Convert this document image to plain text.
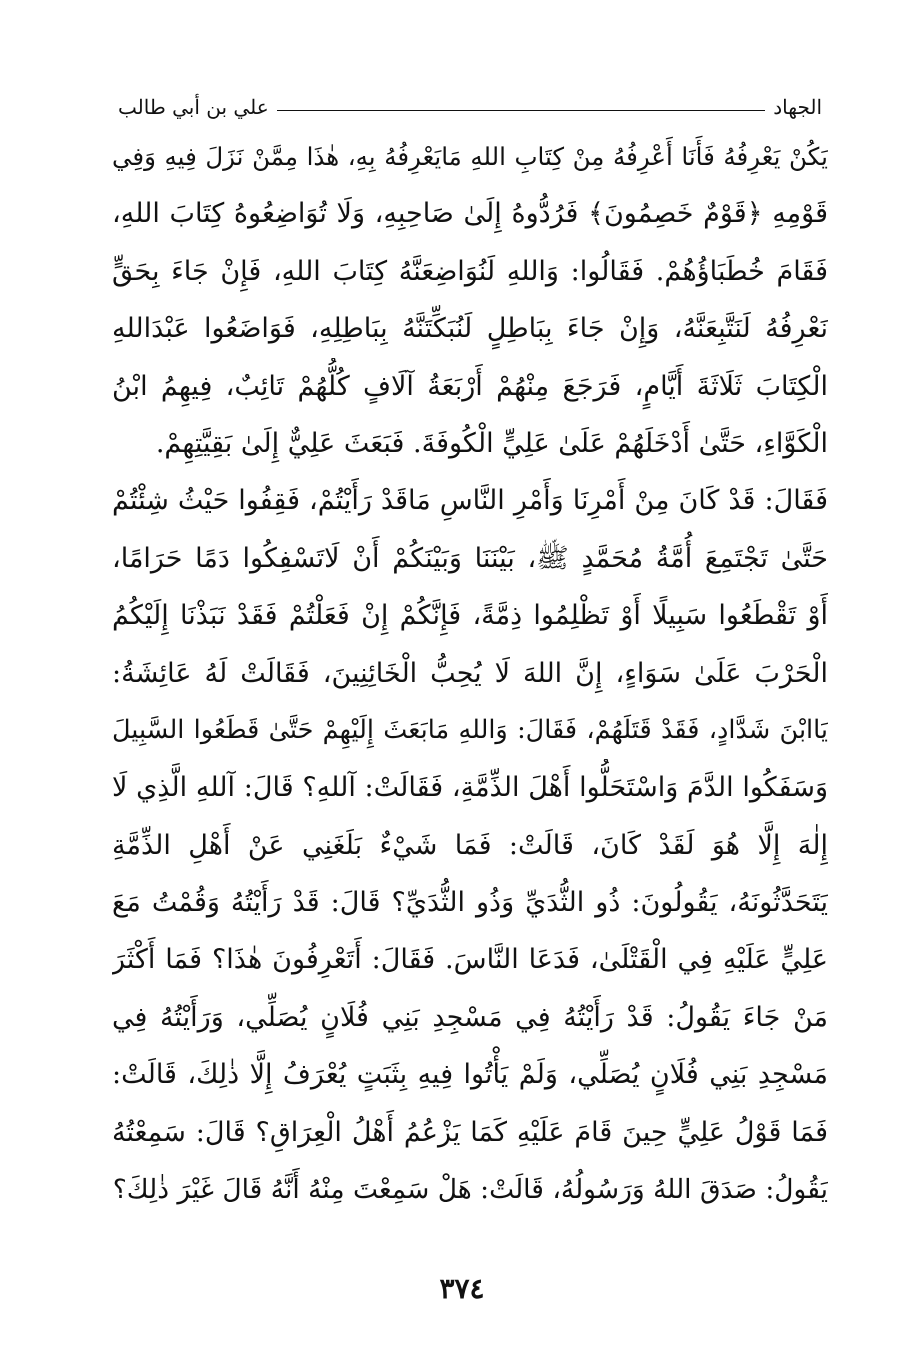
الجهاد
علي بن أبي طالب
يَكُنْ يَعْرِفُهُ فَأَنَا أَعْرِفُهُ مِنْ كِتَابِ اللهِ مَايَعْرِفُهُ بِهِ، هٰذَا مِمَّنْ نَزَلَ فِيهِ وَفِي
قَوْمِهِ ﴿قَوْمٌ خَصِمُونَ﴾ فَرُدُّوهُ إِلَىٰ صَاحِبِهِ، وَلَا تُوَاضِعُوهُ كِتَابَ اللهِ،
فَقَامَ خُطَبَاؤُهُمْ. فَقَالُوا: وَاللهِ لَنُوَاضِعَنَّهُ كِتَابَ اللهِ، فَإِنْ جَاءَ بِحَقٍّ
نَعْرِفُهُ لَنَتَّبِعَنَّهُ، وَإِنْ جَاءَ بِبَاطِلٍ لَنُبَكِّتَنَّهُ بِبَاطِلِهِ، فَوَاضَعُوا عَبْدَاللهِ
الْكِتَابَ ثَلَاثَةَ أَيَّامٍ، فَرَجَعَ مِنْهُمْ أَرْبَعَةُ آلَافٍ كُلُّهُمْ تَائِبٌ، فِيهِمُ ابْنُ
الْكَوَّاءِ، حَتَّىٰ أَدْخَلَهُمْ عَلَىٰ عَلِيٍّ الْكُوفَةَ. فَبَعَثَ عَلِيٌّ إِلَىٰ بَقِيَّتِهِمْ.
فَقَالَ: قَدْ كَانَ مِنْ أَمْرِنَا وَأَمْرِ النَّاسِ مَاقَدْ رَأَيْتُمْ، فَقِفُوا حَيْثُ شِئْتُمْ
حَتَّىٰ تَجْتَمِعَ أُمَّةُ مُحَمَّدٍ ﷺ، بَيْنَنَا وَبَيْنَكُمْ أَنْ لَاتَسْفِكُوا دَمًا حَرَامًا،
أَوْ تَقْطَعُوا سَبِيلًا أَوْ تَظْلِمُوا ذِمَّةً، فَإِنَّكُمْ إِنْ فَعَلْتُمْ فَقَدْ نَبَذْنَا إِلَيْكُمُ
الْحَرْبَ عَلَىٰ سَوَاءٍ، إِنَّ اللهَ لَا يُحِبُّ الْخَائِنِينَ، فَقَالَتْ لَهُ عَائِشَةُ:
يَاابْنَ شَدَّادٍ، فَقَدْ قَتَلَهُمْ، فَقَالَ: وَاللهِ مَابَعَثَ إِلَيْهِمْ حَتَّىٰ قَطَعُوا السَّبِيلَ
وَسَفَكُوا الدَّمَ وَاسْتَحَلُّوا أَهْلَ الذِّمَّةِ، فَقَالَتْ: آللهِ؟ قَالَ: آللهِ الَّذِي لَا
إِلٰهَ إِلَّا هُوَ لَقَدْ كَانَ، قَالَتْ: فَمَا شَيْءٌ بَلَغَنِي عَنْ أَهْلِ الذِّمَّةِ
يَتَحَدَّثُونَهُ، يَقُولُونَ: ذُو الثُّدَيِّ وَذُو الثُّدَيِّ؟ قَالَ: قَدْ رَأَيْتُهُ وَقُمْتُ مَعَ
عَلِيٍّ عَلَيْهِ فِي الْقَتْلَىٰ، فَدَعَا النَّاسَ. فَقَالَ: أَتَعْرِفُونَ هٰذَا؟ فَمَا أَكْثَرَ
مَنْ جَاءَ يَقُولُ: قَدْ رَأَيْتُهُ فِي مَسْجِدِ بَنِي فُلَانٍ يُصَلِّي، وَرَأَيْتُهُ فِي
مَسْجِدِ بَنِي فُلَانٍ يُصَلِّي، وَلَمْ يَأْتُوا فِيهِ بِثَبَتٍ يُعْرَفُ إِلَّا ذٰلِكَ، قَالَتْ:
فَمَا قَوْلُ عَلِيٍّ حِينَ قَامَ عَلَيْهِ كَمَا يَزْعُمُ أَهْلُ الْعِرَاقِ؟ قَالَ: سَمِعْتُهُ
يَقُولُ: صَدَقَ اللهُ وَرَسُولُهُ، قَالَتْ: هَلْ سَمِعْتَ مِنْهُ أَنَّهُ قَالَ غَيْرَ ذٰلِكَ؟
٣٧٤
